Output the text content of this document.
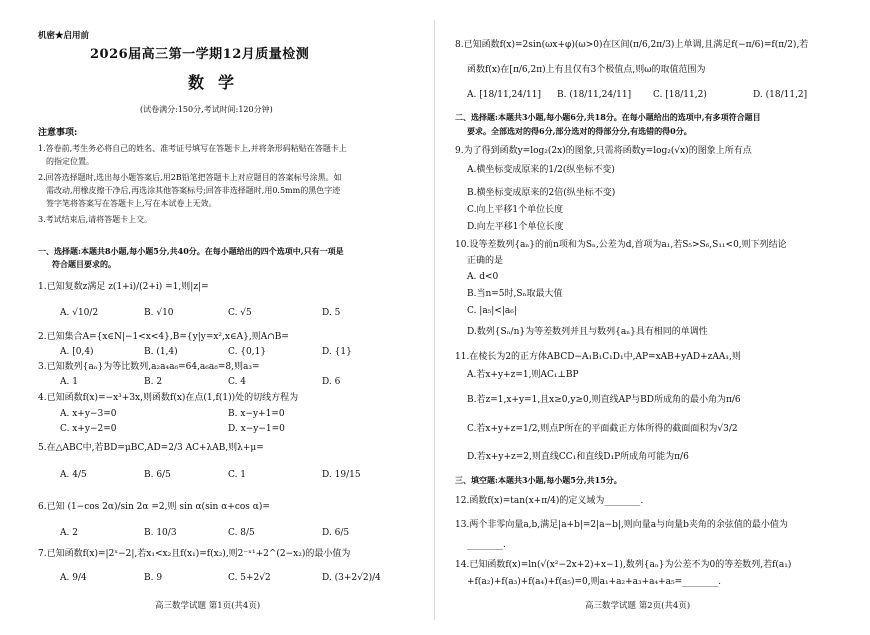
机密★启用前
2026届高三第一学期12月质量检测
数学
(试卷满分:150分,考试时间:120分钟)
注意事项:
1.答卷前,考生务必将自己的姓名、准考证号填写在答题卡上,并将条形码粘贴在答题卡上
的指定位置。
2.回答选择题时,选出每小题答案后,用2B铅笔把答题卡上对应题目的答案标号涂黑。如
需改动,用橡皮擦干净后,再选涂其他答案标号;回答非选择题时,用0.5mm的黑色字迹
签字笔将答案写在答题卡上,写在本试卷上无效。
3.考试结束后,请将答题卡上交。
一、选择题:本题共8小题,每小题5分,共40分。在每小题给出的四个选项中,只有一项是
符合题目要求的。
1.已知复数z满足 z(1+i)/(2+i) =1,则|z|=
A. √10/2	B. √10	C. √5	D. 5
2.已知集合A={x∈N|−1<x<4},B={y|y=x²,x∈A},则A∩B=
A. [0,4)	B. (1,4)	C. {0,1}	D. {1}
3.已知数列{aₙ}为等比数列,a₂a₄a₆=64,a₆a₈=8,则a₃=
A. 1	B. 2	C. 4	D. 6
4.已知函数f(x)=−x³+3x,则函数f(x)在点(1,f(1))处的切线方程为
A. x+y−3=0	B. x−y+1=0
C. x+y−2=0	D. x−y−1=0
5.在△ABC中,若BD=μBC,AD=2/3 AC+λAB,则λ+μ=
A. 4/5	B. 6/5	C. 1	D. 19/15
6.已知 (1−cos 2α)/sin 2α =2,则 sin α(sin α+cos α)=
A. 2	B. 10/3	C. 8/5	D. 6/5
7.已知函数f(x)=|2ˣ−2|,若x₁<x₂且f(x₁)=f(x₂),则2⁻ˣ¹+2^(2−x₂)的最小值为
A. 9/4	B. 9	C. 5+2√2	D. (3+2√2)/4
高三数学试题 第1页(共4页)
8.已知函数f(x)=2sin(ωx+φ)(ω>0)在区间(π/6,2π/3)上单调,且满足f(−π/6)=f(π/2),若
函数f(x)在[π/6,2π)上有且仅有3个极值点,则ω的取值范围为
A. [18/11,24/11] B. (18/11,24/11] C. [18/11,2)	D. (18/11,2]
二、选择题:本题共3小题,每小题6分,共18分。在每小题给出的选项中,有多项符合题目
要求。全部选对的得6分,部分选对的得部分分,有选错的得0分。
9.为了得到函数y=log₂(2x)的图象,只需将函数y=log₂(√x)的图象上所有点
A.横坐标变成原来的1/2(纵坐标不变)
B.横坐标变成原来的2倍(纵坐标不变)
C.向上平移1个单位长度
D.向左平移1个单位长度
10.设等差数列{aₙ}的前n项和为Sₙ,公差为d,首项为a₁,若S₅>S₆,S₁₁<0,则下列结论
正确的是
A. d<0
B.当n=5时,Sₙ取最大值
C. |a₅|<|a₆|
D.数列{Sₙ/n}为等差数列并且与数列{aₙ}具有相同的单调性
11.在棱长为2的正方体ABCD−A₁B₁C₁D₁中,AP=xAB+yAD+zAA₁,则
A.若x+y+z=1,则AC₁⊥BP
B.若z=1,x+y=1,且x≥0,y≥0,则直线AP与BD所成角的最小角为π/6
C.若x+y+z=1/2,则点P所在的平面截正方体所得的截面面积为√3/2
D.若x+y+z=2,则直线CC₁和直线D₁P所成角可能为π/6
三、填空题:本题共3小题,每小题5分,共15分。
12.函数f(x)=tan(x+π/4)的定义域为________.
13.两个非零向量a,b,满足|a+b|=2|a−b|,则向量a与向量b夹角的余弦值的最小值为
________.
14.已知函数f(x)=ln(√(x²−2x+2)+x−1),数列{aₙ}为公差不为0的等差数列,若f(a₁)
+f(a₂)+f(a₃)+f(a₄)+f(a₅)=0,则a₁+a₂+a₃+a₄+a₅=________.
高三数学试题 第2页(共4页)
